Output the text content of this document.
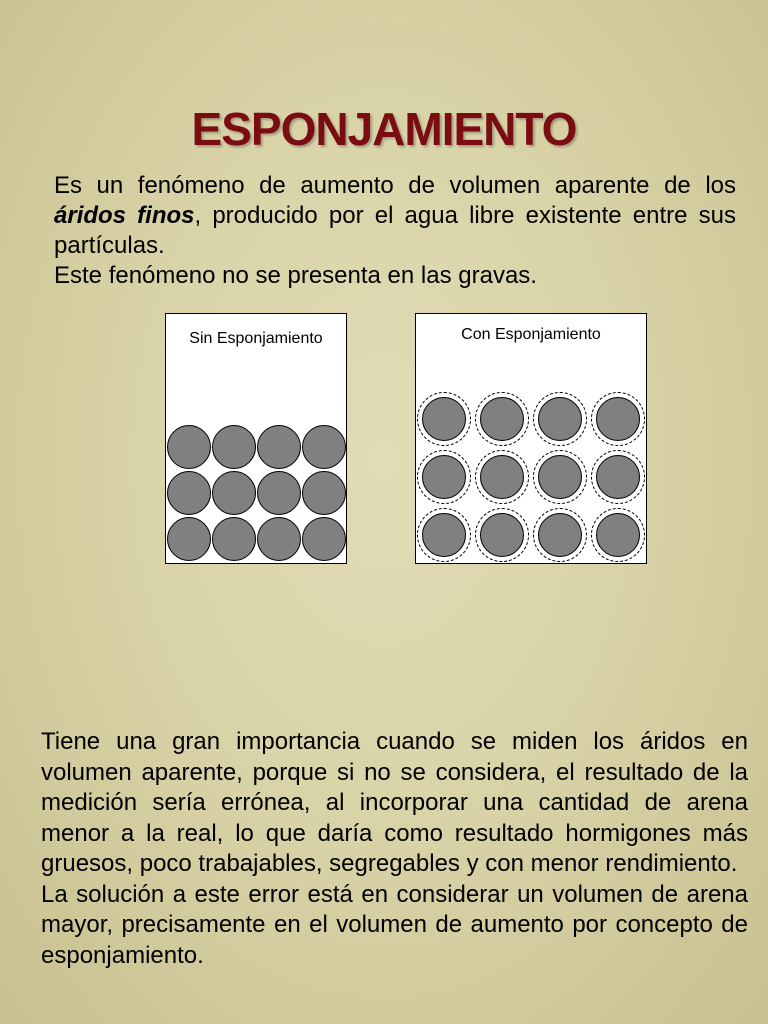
ESPONJAMIENTO
Es un fenómeno de aumento de volumen aparente de los áridos finos, producido por el agua libre existente entre sus partículas.
Este fenómeno no se presenta en las gravas.
Sin Esponjamiento	Con Esponjamiento
Tiene una gran importancia cuando se miden los áridos en volumen aparente, porque si no se considera, el resultado de la medición sería errónea, al incorporar una cantidad de arena menor a la real, lo que daría como resultado hormigones más gruesos, poco trabajables, segregables y con menor rendimiento.
La solución a este error está en considerar un volumen de arena mayor, precisamente en el volumen de aumento por concepto de esponjamiento.
